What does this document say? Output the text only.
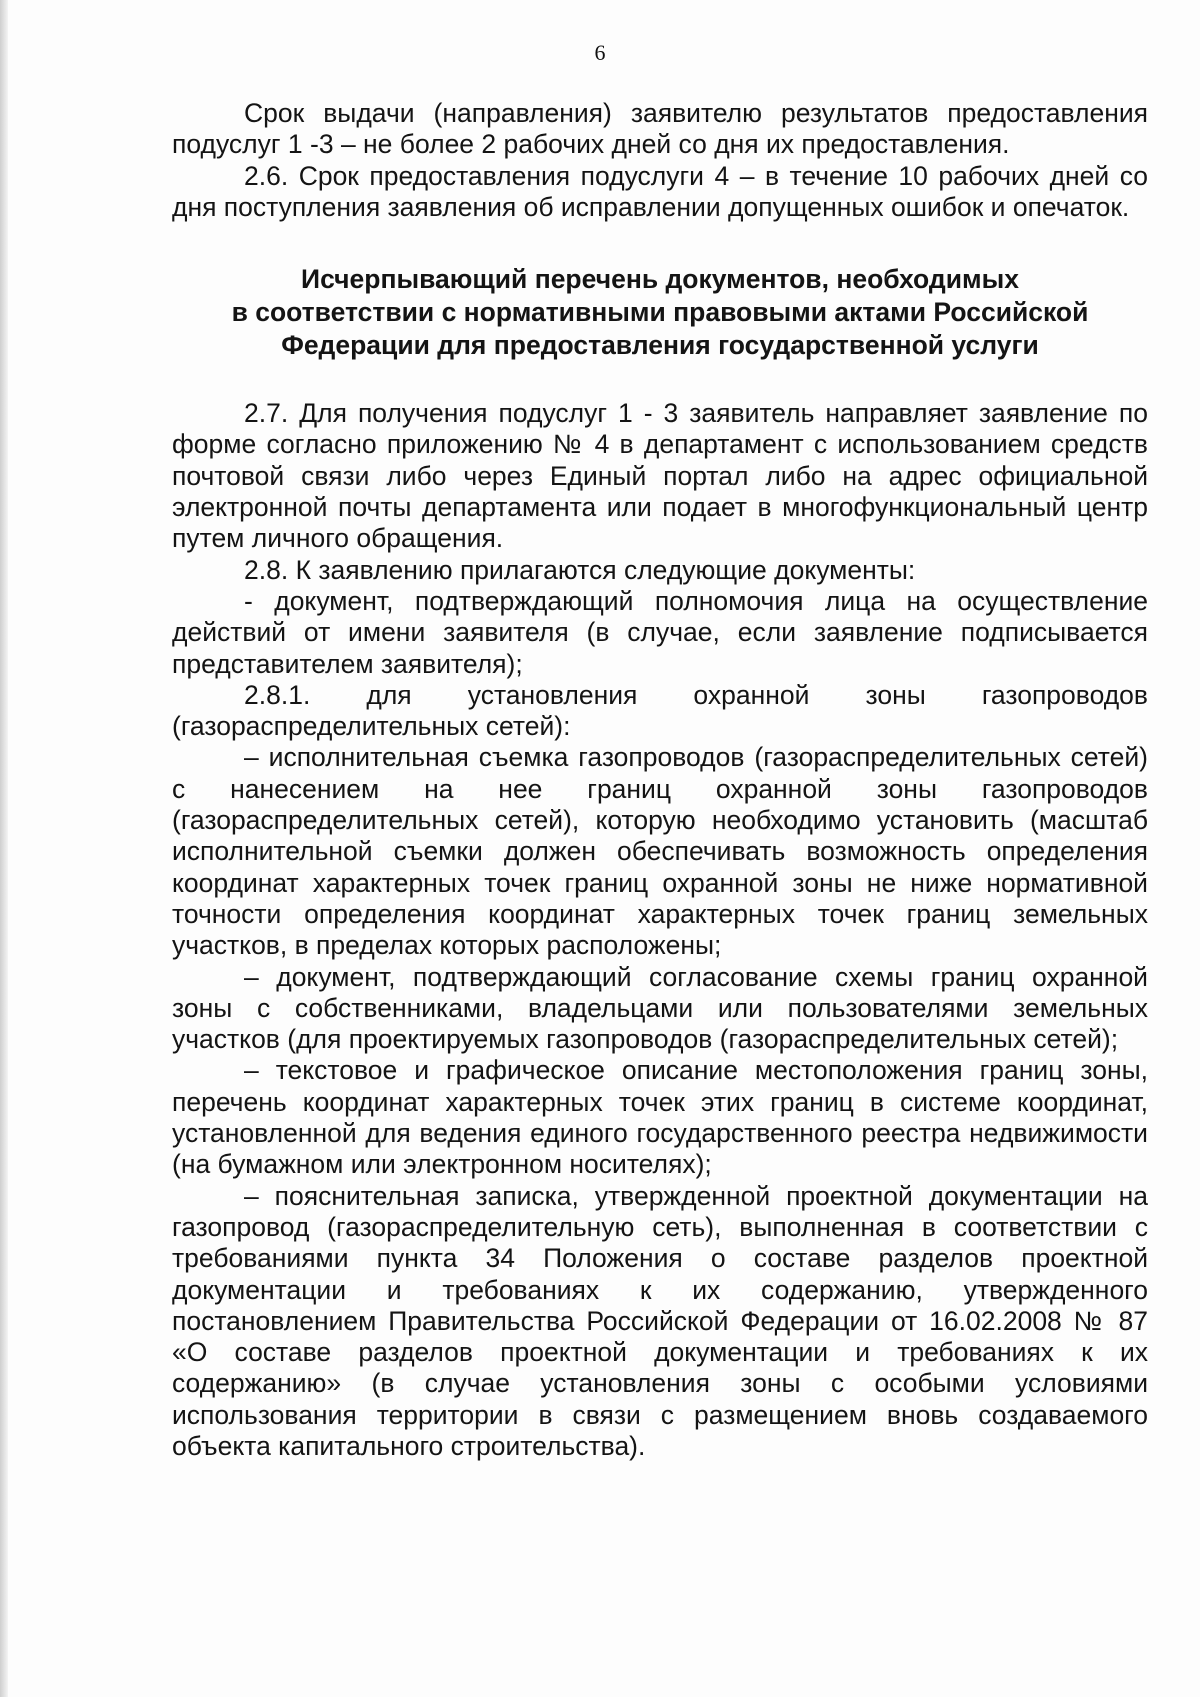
6

Срок выдачи (направления) заявителю результатов предоставления подуслуг 1 -3 – не более 2 рабочих дней со дня их предоставления.

2.6. Срок предоставления подуслуги 4 – в течение 10 рабочих дней со дня поступления заявления об исправлении допущенных ошибок и опечаток.

Исчерпывающий перечень документов, необходимых
в соответствии с нормативными правовыми актами Российской
Федерации для предоставления государственной услуги

2.7. Для получения подуслуг 1 - 3 заявитель направляет заявление по форме согласно приложению № 4 в департамент с использованием средств почтовой связи либо через Единый портал либо на адрес официальной электронной почты департамента или подает в многофункциональный центр путем личного обращения.

2.8. К заявлению прилагаются следующие документы:

- документ, подтверждающий полномочия лица на осуществление действий от имени заявителя (в случае, если заявление подписывается представителем заявителя);

2.8.1. для установления охранной зоны газопроводов (газораспределительных сетей):

– исполнительная съемка газопроводов (газораспределительных сетей) с нанесением на нее границ охранной зоны газопроводов (газораспределительных сетей), которую необходимо установить (масштаб исполнительной съемки должен обеспечивать возможность определения координат характерных точек границ охранной зоны не ниже нормативной точности определения координат характерных точек границ земельных участков, в пределах которых расположены;

– документ, подтверждающий согласование схемы границ охранной зоны с собственниками, владельцами или пользователями земельных участков (для проектируемых газопроводов (газораспределительных сетей);

– текстовое и графическое описание местоположения границ зоны, перечень координат характерных точек этих границ в системе координат, установленной для ведения единого государственного реестра недвижимости (на бумажном или электронном носителях);

– пояснительная записка, утвержденной проектной документации на газопровод (газораспределительную сеть), выполненная в соответствии с требованиями пункта 34 Положения о составе разделов проектной документации и требованиях к их содержанию, утвержденного постановлением Правительства Российской Федерации от 16.02.2008 № 87 «О составе разделов проектной документации и требованиях к их содержанию» (в случае установления зоны с особыми условиями использования территории в связи с размещением вновь создаваемого объекта капитального строительства).
